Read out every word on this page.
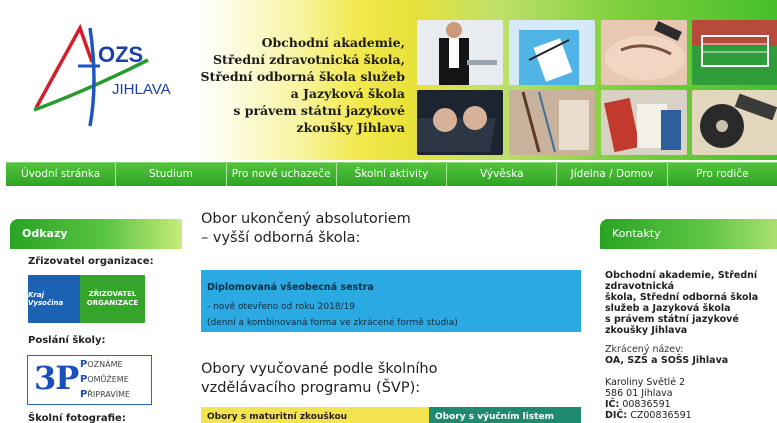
OZS
JIHLAVA
Obchodní akademie,
Střední zdravotnická škola,
Střední odborná škola služeb
a Jazyková škola
s právem státní jazykové
zkoušky Jihlava
Úvodní stránka	Studium	Pro nové uchazeče	Školní aktivity	Vývěska	Jídelna / Domov	Pro rodiče
Odkazy
Zřizovatel organizace:
Kraj Vysočina
ZŘIZOVATEL
ORGANIZACE
Poslání školy:
3P POZNÁME
POMŮŽEME
PŘIPRAVÍME
Školní fotografie:
Obor ukončený absolutoriem
– vyšší odborná škola:
Diplomovaná všeobecná sestra
- nově otevřeno od roku 2018/19
(denní a kombinovaná forma ve zkrácené formě studia)
Obory vyučované podle školního
vzdělávacího programu (ŠVP):
Obory s maturitní zkouškou	Obory s výučním listem
Kontakty
Obchodní akademie, Střední
zdravotnická
škola, Střední odborná škola
služeb a Jazyková škola
s právem státní jazykové
zkoušky Jihlava
Zkrácený název:
OA, SZŠ a SOŠS Jihlava
Karoliny Světlé 2
586 01 Jihlava
IČ: 00836591
DIČ: CZ00836591
